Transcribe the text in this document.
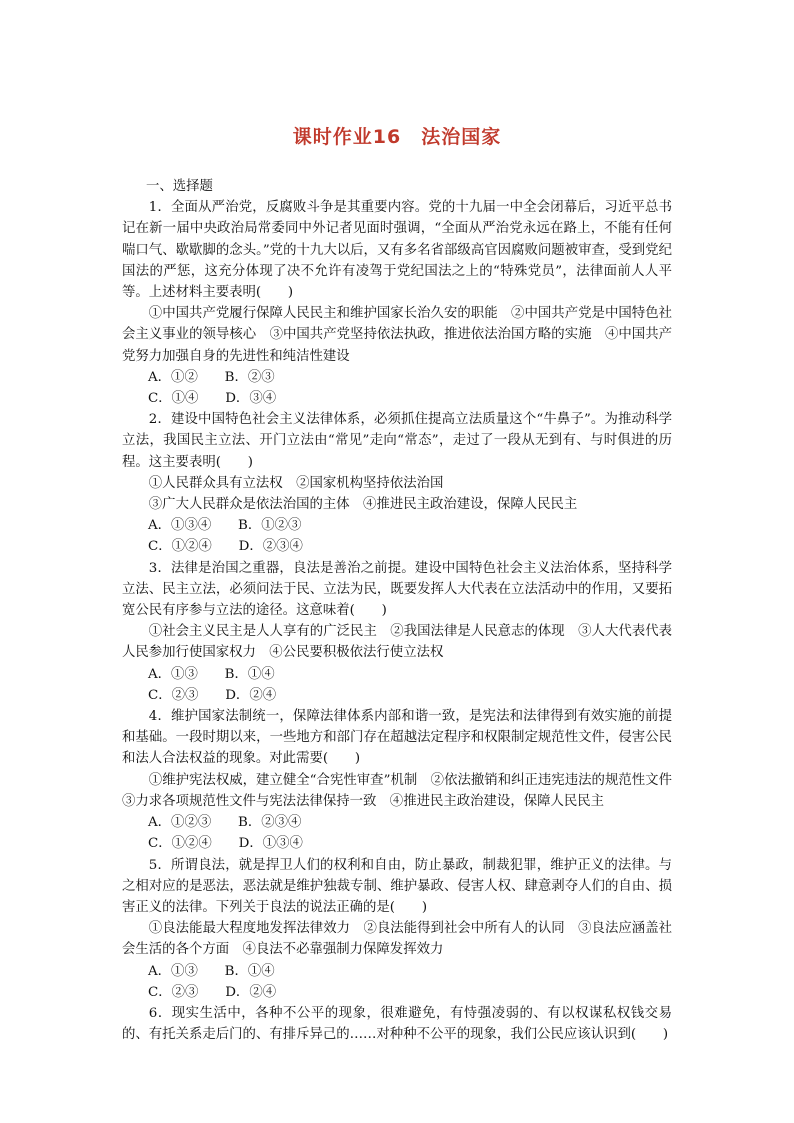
课时作业16　法治国家
一、选择题

1．全面从严治党，反腐败斗争是其重要内容。党的十九届一中全会闭幕后，习近平总书记在新一届中央政治局常委同中外记者见面时强调，“全面从严治党永远在路上，不能有任何喘口气、歇歇脚的念头。”党的十九大以后，又有多名省部级高官因腐败问题被审查，受到党纪国法的严惩，这充分体现了决不允许有凌驾于党纪国法之上的“特殊党员”，法律面前人人平等。上述材料主要表明(　　)

①中国共产党履行保障人民民主和维护国家长治久安的职能　②中国共产党是中国特色社会主义事业的领导核心　③中国共产党坚持依法执政，推进依法治国方略的实施　④中国共产党努力加强自身的先进性和纯洁性建设

A．①②　　B．②③

C．①④　　D．③④

2．建设中国特色社会主义法律体系，必须抓住提高立法质量这个“牛鼻子”。为推动科学立法，我国民主立法、开门立法由“常见”走向“常态”，走过了一段从无到有、与时俱进的历程。这主要表明(　　)

①人民群众具有立法权　②国家机构坚持依法治国

③广大人民群众是依法治国的主体　④推进民主政治建设，保障人民民主

A．①③④　　B．①②③

C．①②④　　D．②③④

3．法律是治国之重器，良法是善治之前提。建设中国特色社会主义法治体系，坚持科学立法、民主立法，必须问法于民、立法为民，既要发挥人大代表在立法活动中的作用，又要拓宽公民有序参与立法的途径。这意味着(　　)

①社会主义民主是人人享有的广泛民主　②我国法律是人民意志的体现　③人大代表代表人民参加行使国家权力　④公民要积极依法行使立法权

A．①③　　B．①④

C．②③　　D．②④

4．维护国家法制统一，保障法律体系内部和谐一致，是宪法和法律得到有效实施的前提和基础。一段时期以来，一些地方和部门存在超越法定程序和权限制定规范性文件，侵害公民和法人合法权益的现象。对此需要(　　)

①维护宪法权威，建立健全“合宪性审查”机制　②依法撤销和纠正违宪违法的规范性文件　③力求各项规范性文件与宪法法律保持一致　④推进民主政治建设，保障人民民主

A．①②③　　B．②③④

C．①②④　　D．①③④

5．所谓良法，就是捍卫人们的权利和自由，防止暴政，制裁犯罪，维护正义的法律。与之相对应的是恶法，恶法就是维护独裁专制、维护暴政、侵害人权、肆意剥夺人们的自由、损害正义的法律。下列关于良法的说法正确的是(　　)

①良法能最大程度地发挥法律效力　②良法能得到社会中所有人的认同　③良法应涵盖社会生活的各个方面　④良法不必靠强制力保障发挥效力

A．①③　　B．①④

C．②③　　D．②④

6．现实生活中，各种不公平的现象，很难避免，有恃强凌弱的、有以权谋私权钱交易的、有托关系走后门的、有排斥异己的……对种种不公平的现象，我们公民应该认识到(　　)
